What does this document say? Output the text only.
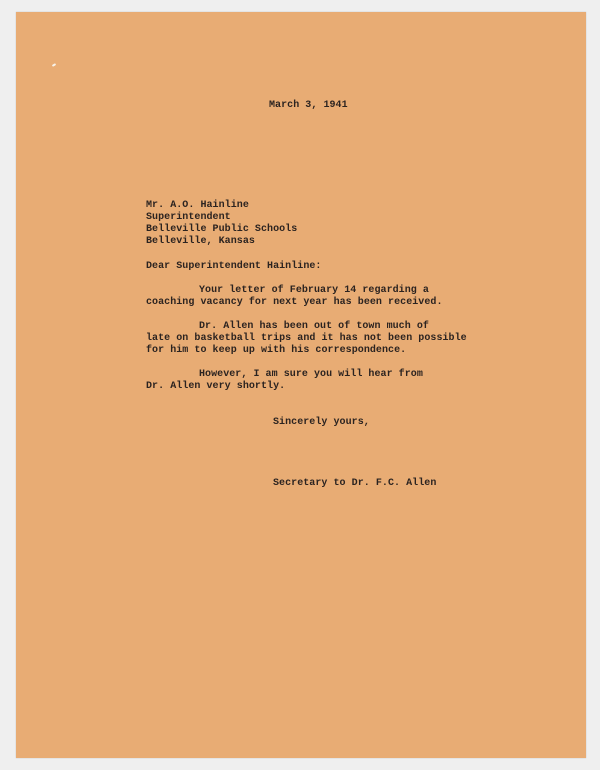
March 3, 1941
Mr. A.O. Hainline
Superintendent
Belleville Public Schools
Belleville, Kansas
Dear Superintendent Hainline:
Your letter of February 14 regarding a
coaching vacancy for next year has been received.
Dr. Allen has been out of town much of
late on basketball trips and it has not been possible
for him to keep up with his correspondence.
However, I am sure you will hear from
Dr. Allen very shortly.
Sincerely yours,
Secretary to Dr. F.C. Allen
